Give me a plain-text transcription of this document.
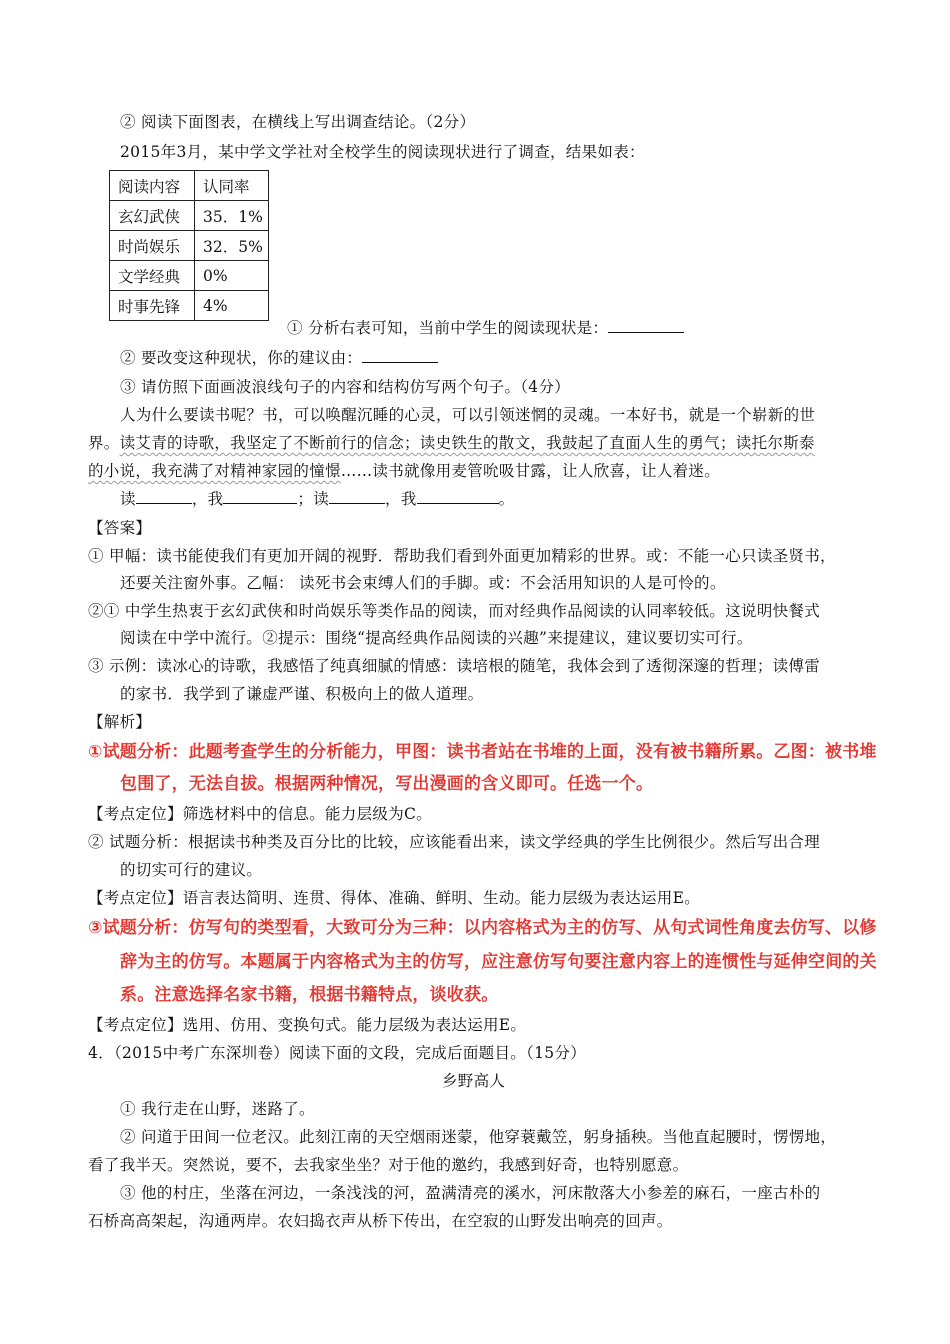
② 阅读下面图表，在横线上写出调查结论。（2分）
2015年3月，某中学文学社对全校学生的阅读现状进行了调查，结果如表：
阅读内容	认同率
玄幻武侠	35．1%
时尚娱乐	32．5%
文学经典	0%
时事先锋	4%
① 分析右表可知，当前中学生的阅读现状是：
② 要改变这种现状，你的建议由：
③ 请仿照下面画波浪线句子的内容和结构仿写两个句子。（4分）
人为什么要读书呢？书，可以唤醒沉睡的心灵，可以引领迷惘的灵魂。一本好书，就是一个崭新的世
界。读艾青的诗歌，我坚定了不断前行的信念；读史铁生的散文，我鼓起了直面人生的勇气；读托尔斯泰
的小说，我充满了对精神家园的憧憬……读书就像用麦管吮吸甘露，让人欣喜，让人着迷。
读	，我	；读	，我	。
【答案】
① 甲幅：读书能使我们有更加开阔的视野．帮助我们看到外面更加精彩的世界。或：不能一心只读圣贤书，
还要关注窗外事。乙幅： 读死书会束缚人们的手脚。或：不会活用知识的人是可怜的。
②① 中学生热衷于玄幻武侠和时尚娱乐等类作品的阅读，而对经典作品阅读的认同率较低。这说明快餐式
阅读在中学中流行。②提示：围绕“提高经典作品阅读的兴趣”来提建议，建议要切实可行。
③ 示例：读冰心的诗歌，我感悟了纯真细腻的情感：读培根的随笔，我体会到了透彻深邃的哲理；读傅雷
的家书．我学到了谦虚严谨、积极向上的做人道理。
【解析】
①试题分析：此题考查学生的分析能力，甲图：读书者站在书堆的上面，没有被书籍所累。乙图：被书堆
包围了，无法自拔。根据两种情况，写出漫画的含义即可。任选一个。
【考点定位】筛选材料中的信息。能力层级为C。
② 试题分析：根据读书种类及百分比的比较，应该能看出来，读文学经典的学生比例很少。然后写出合理
的切实可行的建议。
【考点定位】语言表达简明、连贯、得体、准确、鲜明、生动。能力层级为表达运用E。
③试题分析：仿写句的类型看，大致可分为三种：以内容格式为主的仿写、从句式词性角度去仿写、以修
辞为主的仿写。本题属于内容格式为主的仿写，应注意仿写句要注意内容上的连惯性与延伸空间的关
系。注意选择名家书籍，根据书籍特点，谈收获。
【考点定位】选用、仿用、变换句式。能力层级为表达运用E。
4．（2015中考广东深圳卷）阅读下面的文段，完成后面题目。（15分）
乡野高人
① 我行走在山野，迷路了。
② 问道于田间一位老汉。此刻江南的天空烟雨迷蒙，他穿蓑戴笠，躬身插秧。当他直起腰时，愣愣地，
看了我半天。突然说，要不，去我家坐坐？对于他的邀约，我感到好奇，也特别愿意。
③ 他的村庄，坐落在河边，一条浅浅的河，盈满清亮的溪水，河床散落大小参差的麻石，一座古朴的
石桥高高架起，沟通两岸。农妇捣衣声从桥下传出，在空寂的山野发出响亮的回声。
